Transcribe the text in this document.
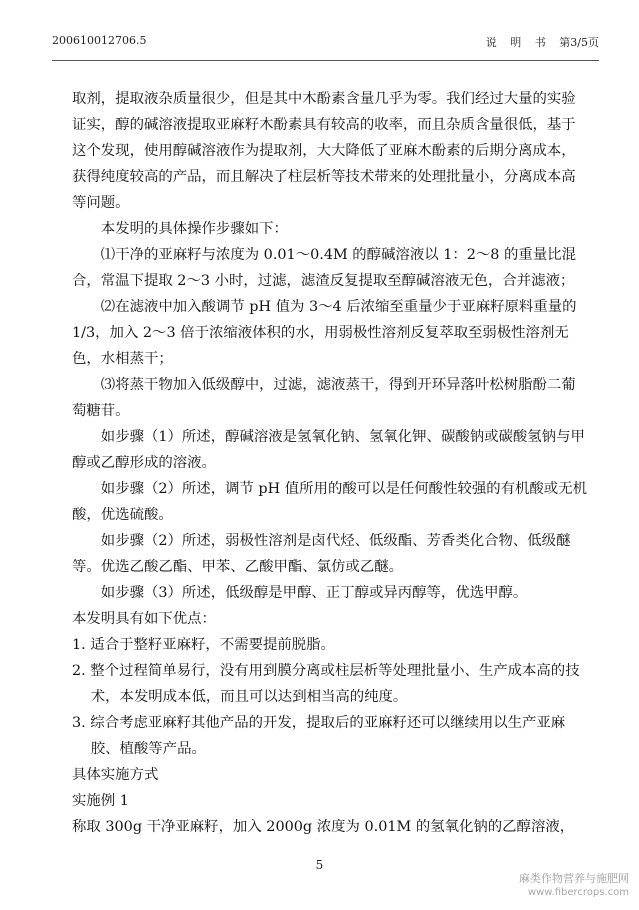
200610012706.5	说 明 书 第3/5页

取剂，提取液杂质量很少，但是其中木酚素含量几乎为零。我们经过大量的实验证实，醇的碱溶液提取亚麻籽木酚素具有较高的收率，而且杂质含量很低，基于这个发现，使用醇碱溶液作为提取剂，大大降低了亚麻木酚素的后期分离成本，获得纯度较高的产品，而且解决了柱层析等技术带来的处理批量小，分离成本高等问题。

本发明的具体操作步骤如下：

⑴干净的亚麻籽与浓度为 0.01～0.4M 的醇碱溶液以 1：2～8 的重量比混合，常温下提取 2～3 小时，过滤，滤渣反复提取至醇碱溶液无色，合并滤液；

⑵在滤液中加入酸调节 pH 值为 3～4 后浓缩至重量少于亚麻籽原料重量的 1/3，加入 2～3 倍于浓缩液体积的水，用弱极性溶剂反复萃取至弱极性溶剂无色，水相蒸干；

⑶将蒸干物加入低级醇中，过滤，滤液蒸干，得到开环异落叶松树脂酚二葡萄糖苷。

如步骤（1）所述，醇碱溶液是氢氧化钠、氢氧化钾、碳酸钠或碳酸氢钠与甲醇或乙醇形成的溶液。

如步骤（2）所述，调节 pH 值所用的酸可以是任何酸性较强的有机酸或无机酸，优选硫酸。

如步骤（2）所述，弱极性溶剂是卤代烃、低级酯、芳香类化合物、低级醚等。优选乙酸乙酯、甲苯、乙酸甲酯、氯仿或乙醚。

如步骤（3）所述，低级醇是甲醇、正丁醇或异丙醇等，优选甲醇。

本发明具有如下优点：

1. 适合于整籽亚麻籽，不需要提前脱脂。

2. 整个过程简单易行，没有用到膜分离或柱层析等处理批量小、生产成本高的技术，本发明成本低，而且可以达到相当高的纯度。

3. 综合考虑亚麻籽其他产品的开发，提取后的亚麻籽还可以继续用以生产亚麻胶、植酸等产品。

具体实施方式

实施例 1

称取 300g 干净亚麻籽，加入 2000g 浓度为 0.01M 的氢氧化钠的乙醇溶液，

5
麻类作物营养与施肥网
www.fibercrops.com
